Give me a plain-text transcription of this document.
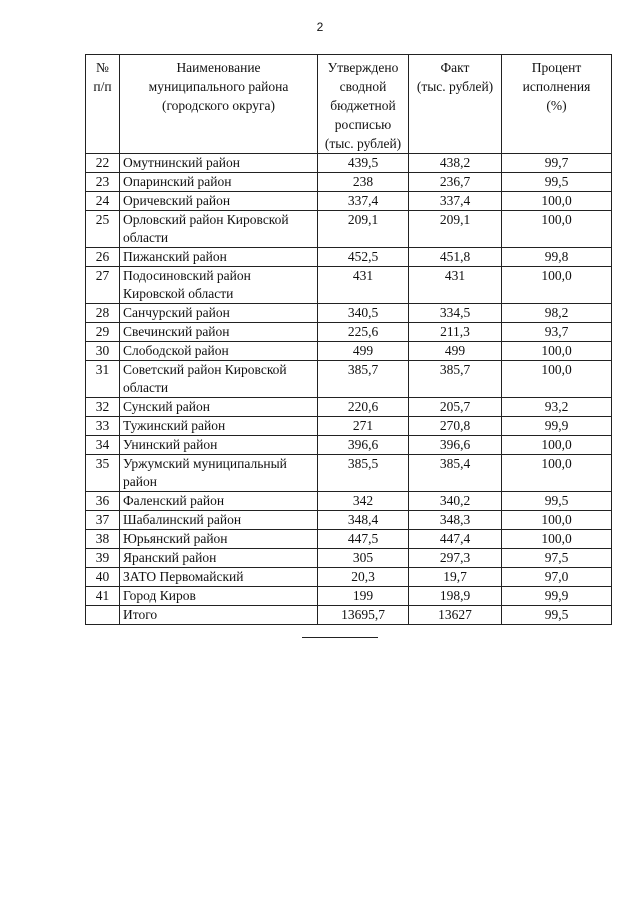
2
№
п/п	Наименование
муниципального района
(городского округа)	Утверждено
сводной
бюджетной
росписью
(тыс. рублей)	Факт
(тыс. рублей)	Процент
исполнения
(%)
22	Омутнинский район	439,5	438,2	99,7
23	Опаринский район	238	236,7	99,5
24	Оричевский район	337,4	337,4	100,0
25	Орловский район Кировской области	209,1	209,1	100,0
26	Пижанский район	452,5	451,8	99,8
27	Подосиновский район Кировской области	431	431	100,0
28	Санчурский район	340,5	334,5	98,2
29	Свечинский район	225,6	211,3	93,7
30	Слободской район	499	499	100,0
31	Советский район Кировской области	385,7	385,7	100,0
32	Сунский район	220,6	205,7	93,2
33	Тужинский район	271	270,8	99,9
34	Унинский район	396,6	396,6	100,0
35	Уржумский муниципальный район	385,5	385,4	100,0
36	Фаленский район	342	340,2	99,5
37	Шабалинский район	348,4	348,3	100,0
38	Юрьянский район	447,5	447,4	100,0
39	Яранский район	305	297,3	97,5
40	ЗАТО Первомайский	20,3	19,7	97,0
41	Город Киров	199	198,9	99,9
	Итого	13695,7	13627	99,5
